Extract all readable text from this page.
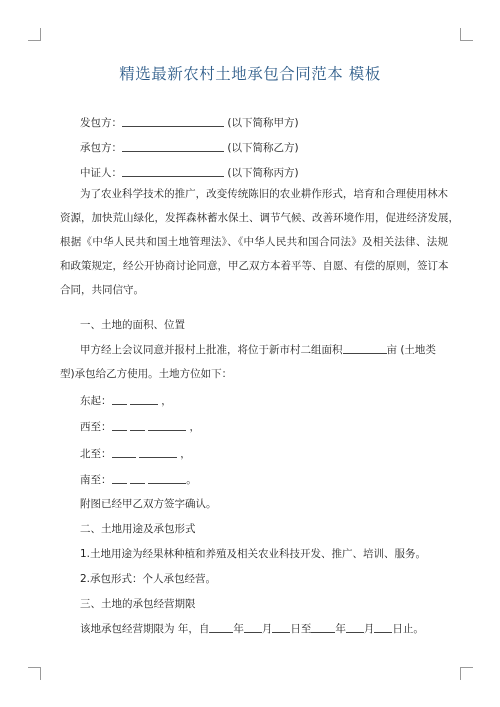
精选最新农村土地承包合同范本 模板
发包方：	(以下简称甲方)
承包方：	(以下简称乙方)
中证人：	(以下简称丙方)
为了农业科学技术的推广，改变传统陈旧的农业耕作形式，培育和合理使用林木
资源，加快荒山绿化，发挥森林蓄水保土、调节气候、改善环境作用，促进经济发展，
根据《中华人民共和国土地管理法》、《中华人民共和国合同法》及相关法律、法规
和政策规定，经公开协商讨论同意，甲乙双方本着平等、自愿、有偿的原则，签订本
合同，共同信守。
一、土地的面积、位置
甲方经上会议同意并报村上批准，将位于新市村二组面积	亩 (土地类
型)承包给乙方使用。土地方位如下：
东起：	，
西至：	，
北至：	，
南至：	。
附图已经甲乙双方签字确认。
二、土地用途及承包形式
1.土地用途为经果林种植和养殖及相关农业科技开发、推广、培训、服务。
2.承包形式：个人承包经营。
三、土地的承包经营期限
该地承包经营期限为 年，自 年 月 日至 年 月 日止。
